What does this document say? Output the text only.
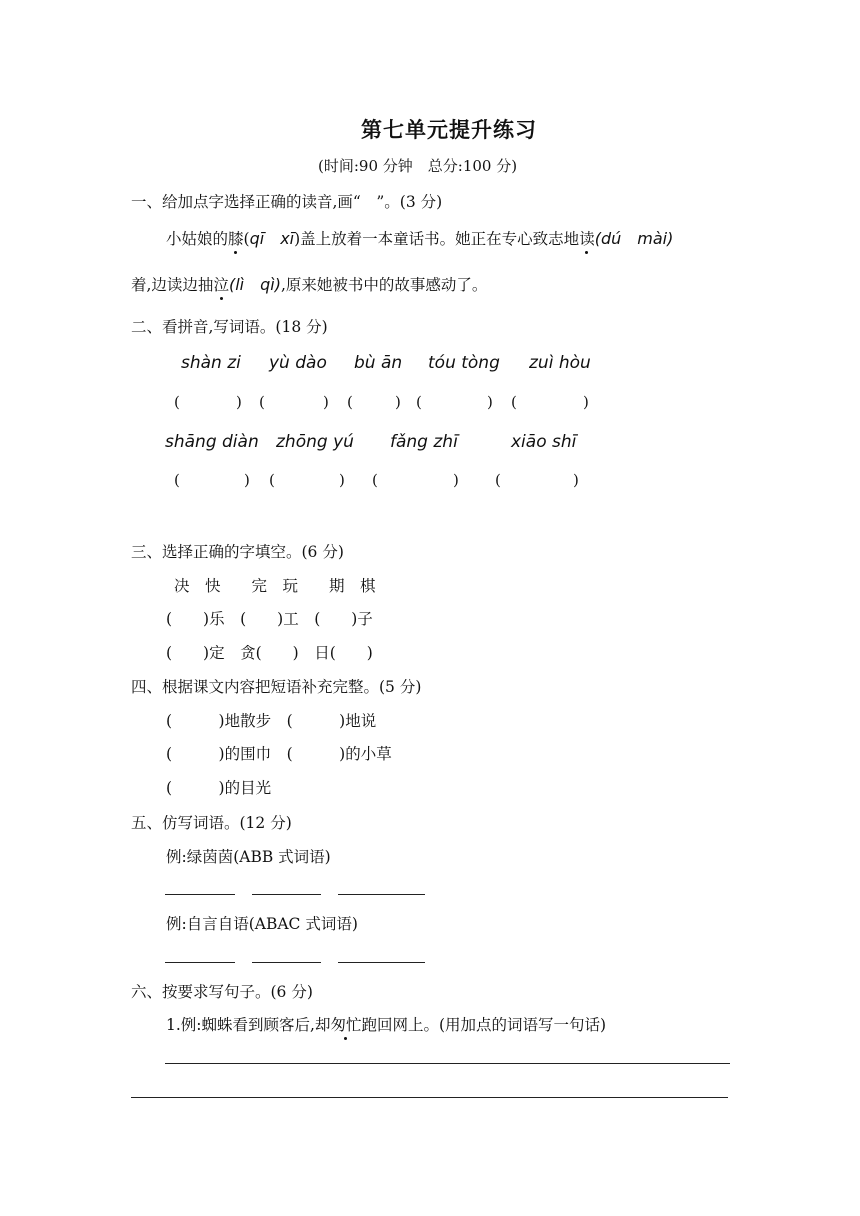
第七单元提升练习
(时间:90 分钟　总分:100 分)
一、给加点字选择正确的读音,画“　”。(3 分)
小姑娘的膝(qī　xī)盖上放着一本童话书。她正在专心致志地读(dú　mài)
着,边读边抽泣(lì　qì),原来她被书中的故事感动了。
二、看拼音,写词语。(18 分)
shàn zi yù dào bù ān tóu tòng zuì hòu
(	) (	) (	) (	) (	)
shāng diàn zhōng yú fǎng zhī	xiāo shī
(	) (	) (	) (	)
三、选择正确的字填空。(6 分)
决　快　　完　玩　　期　棋
(　　)乐　(　　)工　(　　)子
(　　)定　贪(　　)　日(　　)
四、根据课文内容把短语补充完整。(5 分)
(　　　)地散步　(　　　)地说
(　　　)的围巾　(　　　)的小草
(　　　)的目光
五、仿写词语。(12 分)
例:绿茵茵(ABB 式词语)
例:自言自语(ABAC 式词语)
六、按要求写句子。(6 分)
1.例:蜘蛛看到顾客后,却匆忙跑回网上。(用加点的词语写一句话)
